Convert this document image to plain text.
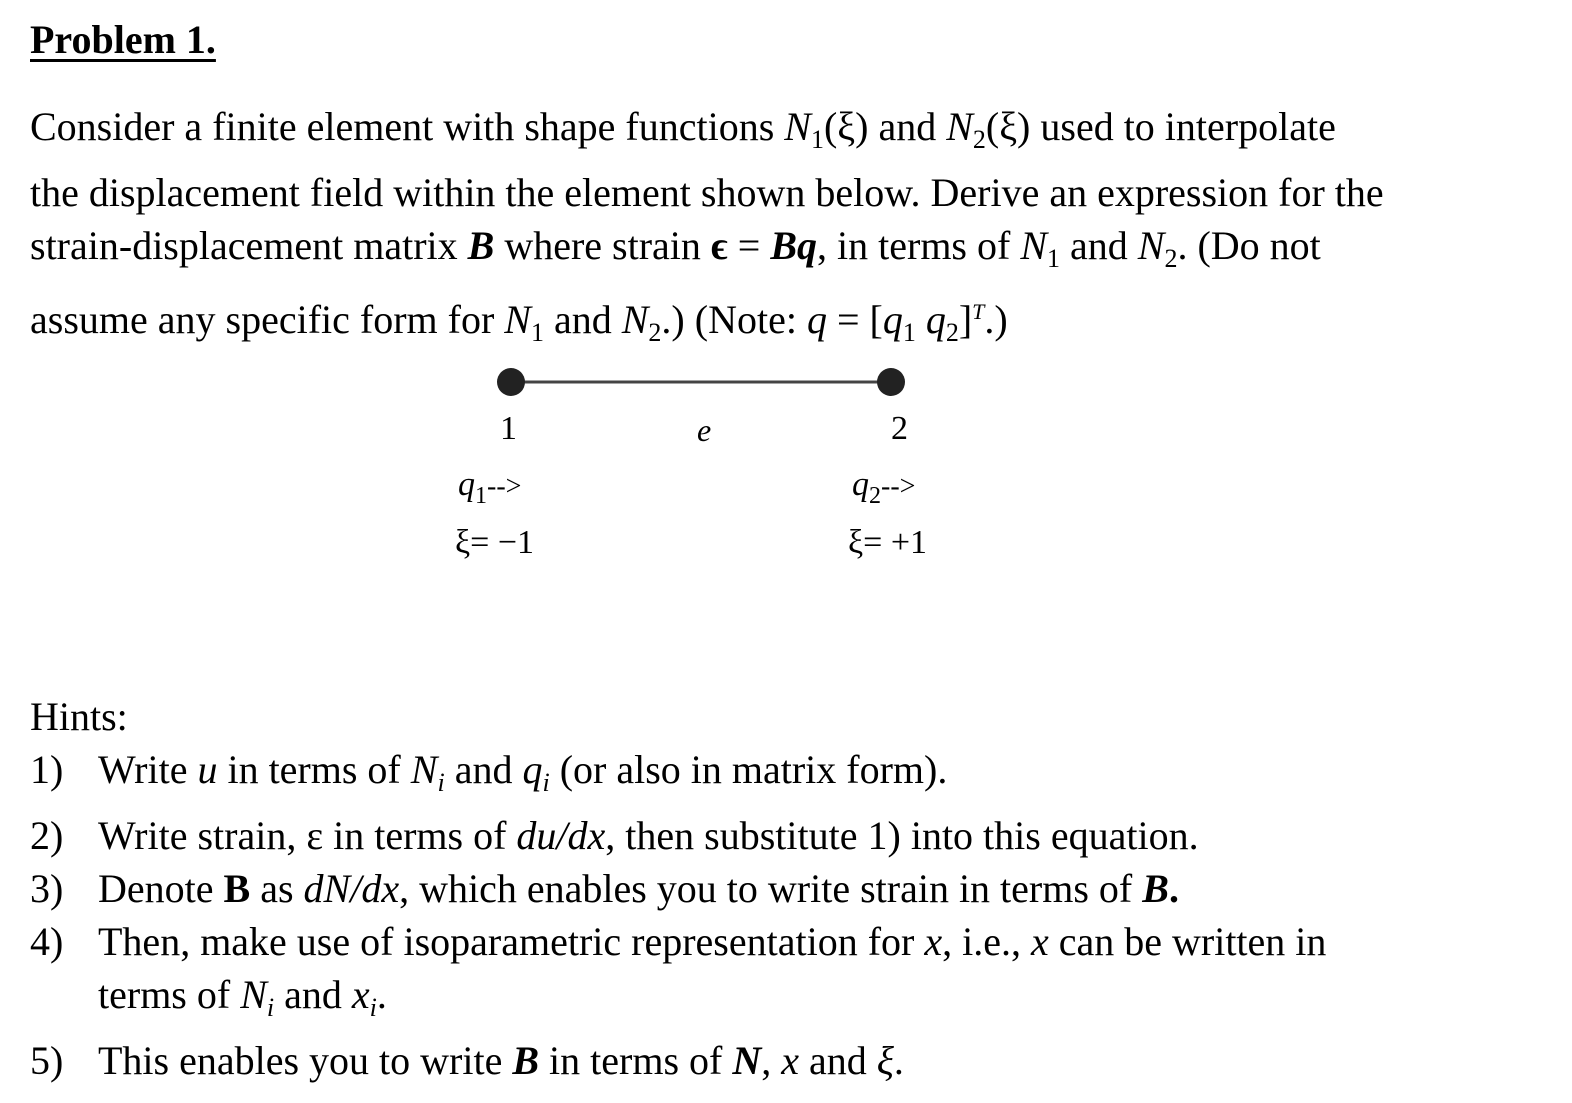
Problem 1.
Consider a finite element with shape functions $N_1(\xi)$ and $N_2(\xi)$ used to interpolate
the displacement field within the element shown below. Derive an expression for the
strain-displacement matrix B where strain ϵ = Bq, in terms of $N_1$ and $N_2$. (Do not
assume any specific form for $N_1$ and $N_2$.) (Note: $q = [q_1$ $q_2]^T$.)
1	e	2
$q_1-->$	$q_2-->$
ξ= −1	ξ= +1
Hints:
1) Write u in terms of $N_i$ and $q_i$ (or also in matrix form).
2) Write strain, ε in terms of du/dx, then substitute 1) into this equation.
3) Denote B as dN/dx, which enables you to write strain in terms of B.
4) Then, make use of isoparametric representation for x, i.e., x can be written in
terms of $N_i$ and $x_i$.
5) This enables you to write B in terms of N, x and ξ.
